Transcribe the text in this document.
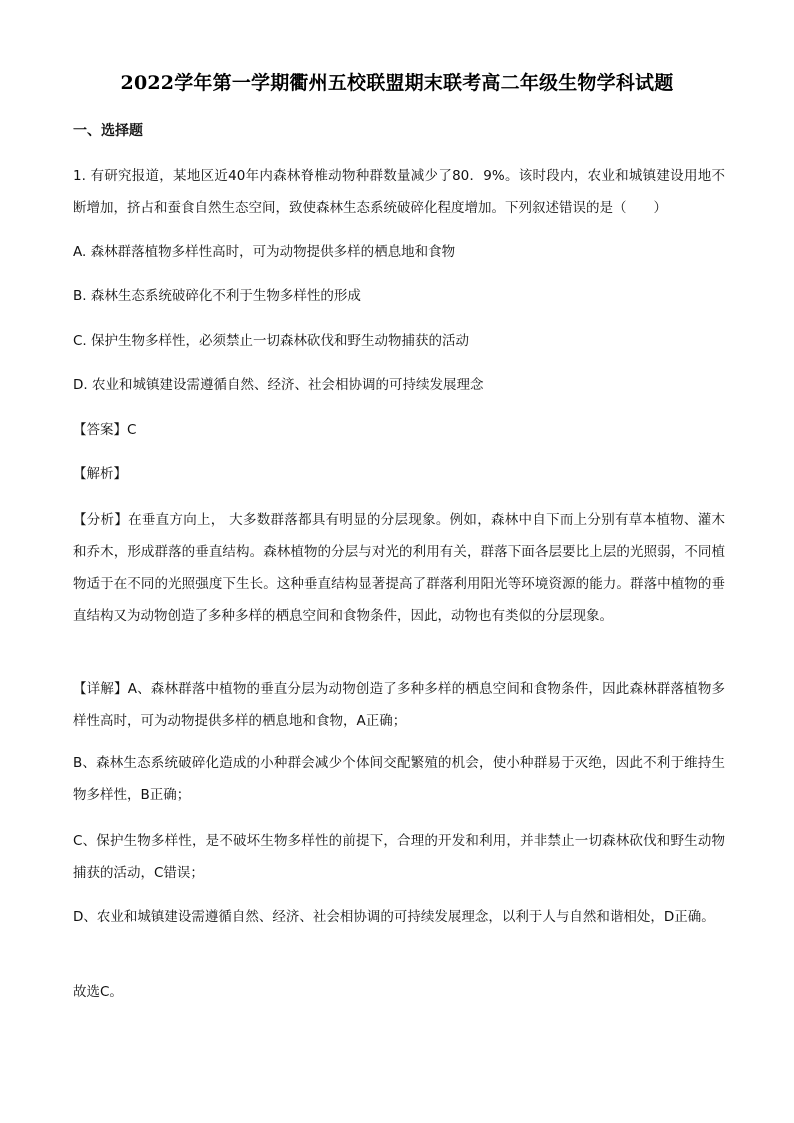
2022学年第一学期衢州五校联盟期末联考高二年级生物学科试题
一、选择题
1. 有研究报道，某地区近40年内森林脊椎动物种群数量减少了80．9%。该时段内，农业和城镇建设用地不断增加，挤占和蚕食自然生态空间，致使森林生态系统破碎化程度增加。下列叙述错误的是（　　）
A. 森林群落植物多样性高时，可为动物提供多样的栖息地和食物
B. 森林生态系统破碎化不利于生物多样性的形成
C. 保护生物多样性，必须禁止一切森林砍伐和野生动物捕获的活动
D. 农业和城镇建设需遵循自然、经济、社会相协调的可持续发展理念
【答案】C
【解析】
【分析】在垂直方向上， 大多数群落都具有明显的分层现象。例如，森林中自下而上分别有草本植物、灌木和乔木，形成群落的垂直结构。森林植物的分层与对光的利用有关，群落下面各层要比上层的光照弱，不同植物适于在不同的光照强度下生长。这种垂直结构显著提高了群落利用阳光等环境资源的能力。群落中植物的垂直结构又为动物创造了多种多样的栖息空间和食物条件，因此，动物也有类似的分层现象。
【详解】A、森林群落中植物的垂直分层为动物创造了多种多样的栖息空间和食物条件，因此森林群落植物多样性高时，可为动物提供多样的栖息地和食物，A正确；
B、森林生态系统破碎化造成的小种群会减少个体间交配繁殖的机会，使小种群易于灭绝，因此不利于维持生物多样性，B正确；
C、保护生物多样性，是不破坏生物多样性的前提下，合理的开发和利用，并非禁止一切森林砍伐和野生动物捕获的活动，C错误；
D、农业和城镇建设需遵循自然、经济、社会相协调的可持续发展理念，以利于人与自然和谐相处，D正确。
故选C。
